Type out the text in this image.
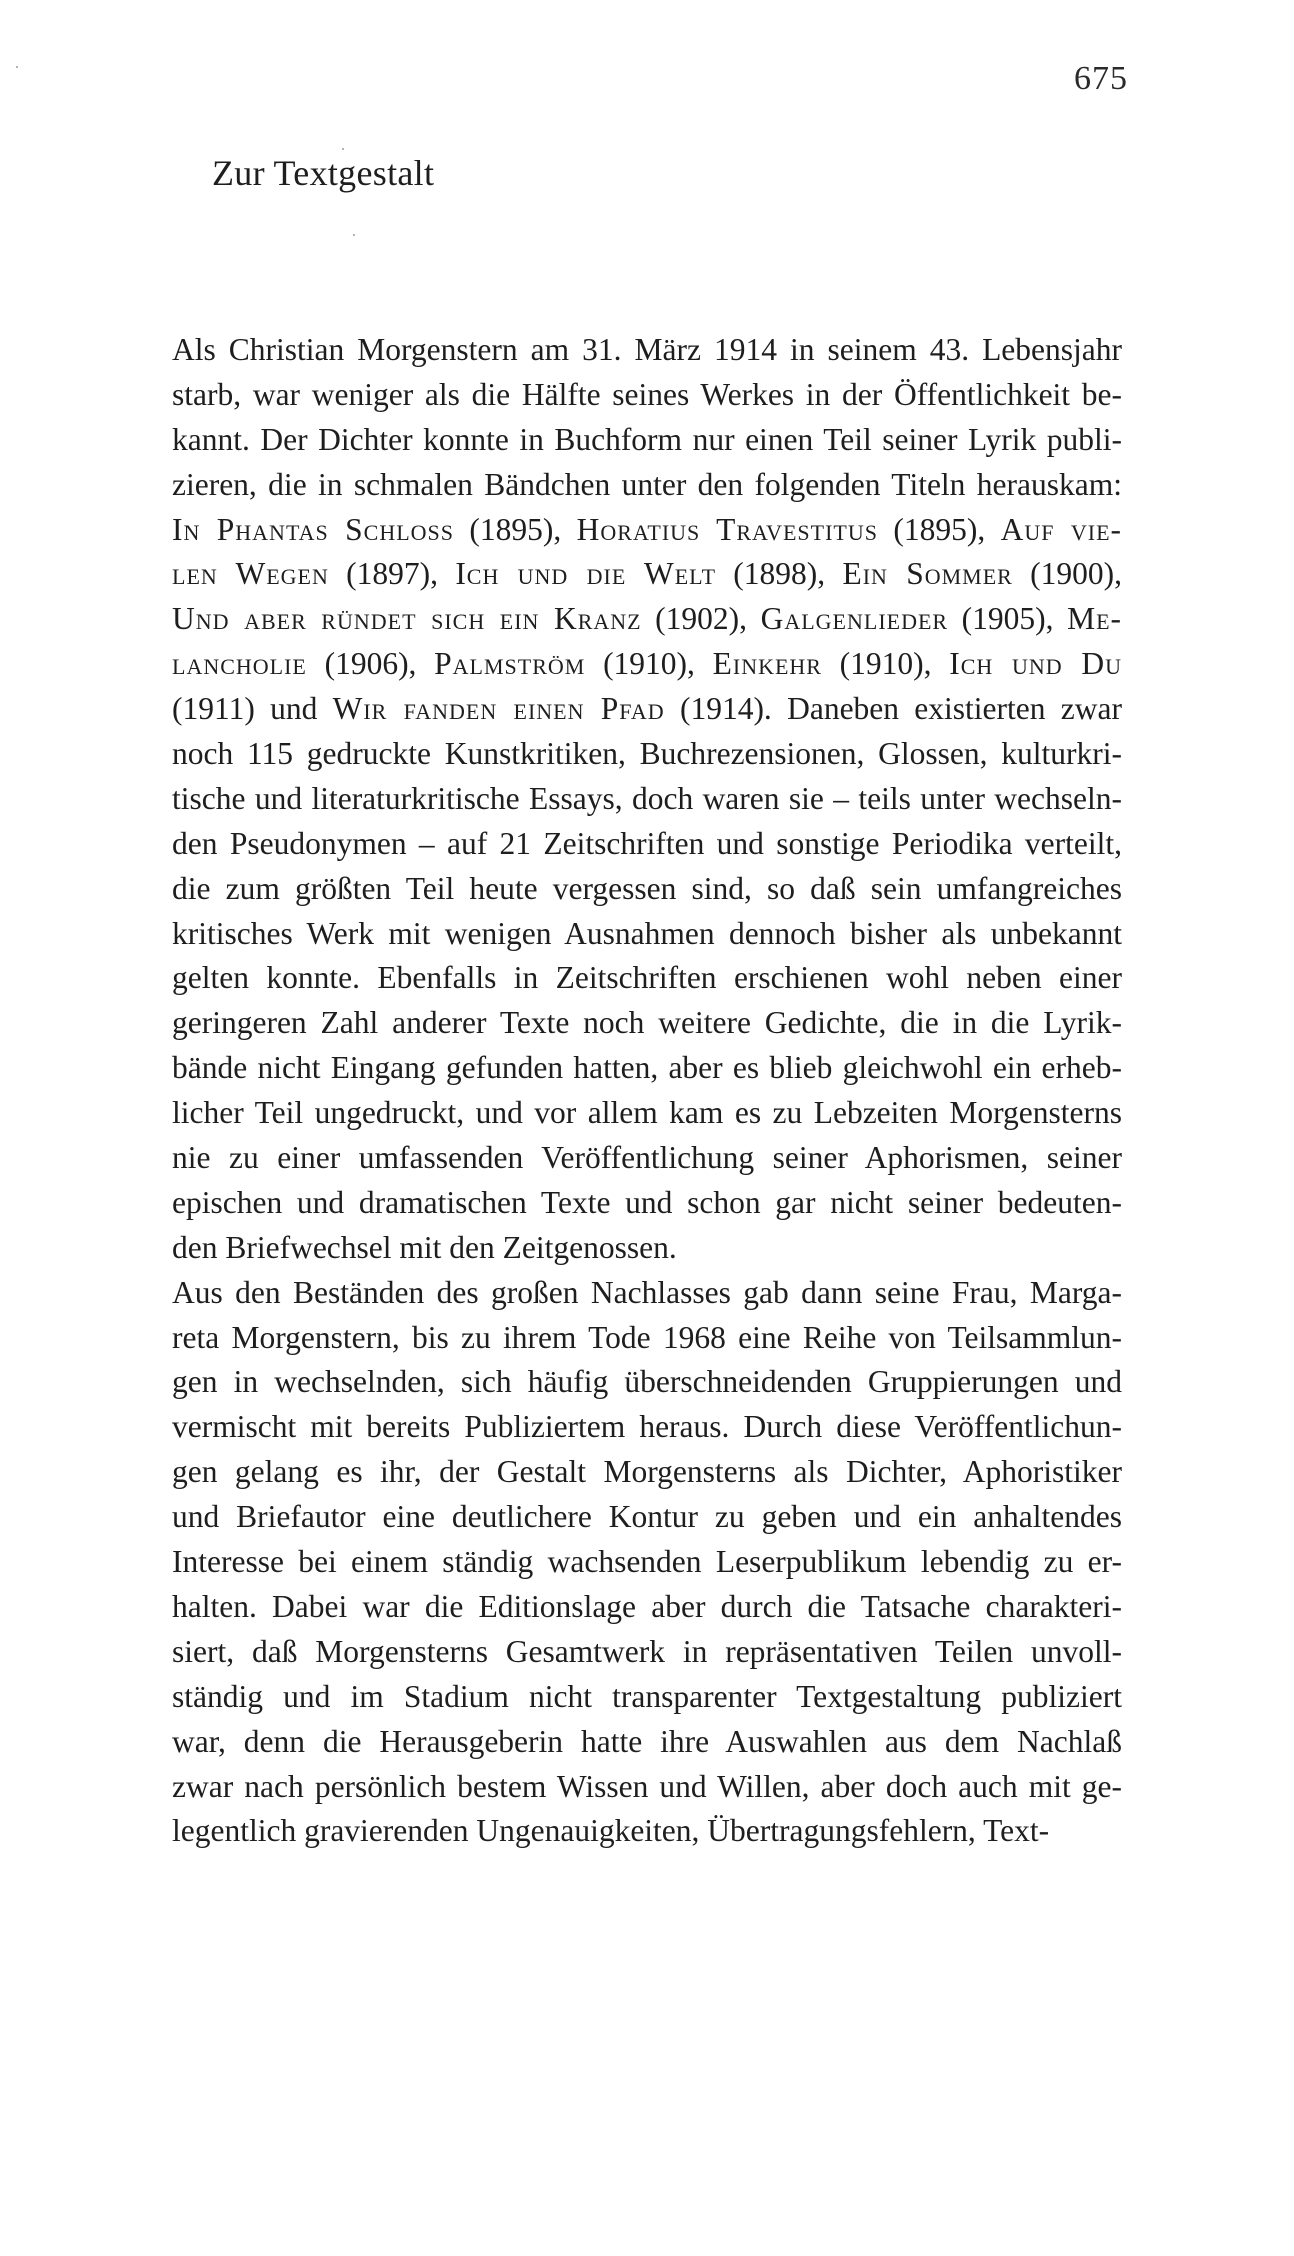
675
Zur Textgestalt
Als Christian Morgenstern am 31. März 1914 in seinem 43. Lebensjahr
starb, war weniger als die Hälfte seines Werkes in der Öffentlichkeit be-
kannt. Der Dichter konnte in Buchform nur einen Teil seiner Lyrik publi-
zieren, die in schmalen Bändchen unter den folgenden Titeln herauskam:
In Phantas Schloss (1895), Horatius Travestitus (1895), Auf vie-
len Wegen (1897), Ich und die Welt (1898), Ein Sommer (1900),
Und aber ründet sich ein Kranz (1902), Galgenlieder (1905), Me-
lancholie (1906), Palmström (1910), Einkehr (1910), Ich und Du
(1911) und Wir fanden einen Pfad (1914). Daneben existierten zwar
noch 115 gedruckte Kunstkritiken, Buchrezensionen, Glossen, kulturkri-
tische und literaturkritische Essays, doch waren sie – teils unter wechseln-
den Pseudonymen – auf 21 Zeitschriften und sonstige Periodika verteilt,
die zum größten Teil heute vergessen sind, so daß sein umfangreiches
kritisches Werk mit wenigen Ausnahmen dennoch bisher als unbekannt
gelten konnte. Ebenfalls in Zeitschriften erschienen wohl neben einer
geringeren Zahl anderer Texte noch weitere Gedichte, die in die Lyrik-
bände nicht Eingang gefunden hatten, aber es blieb gleichwohl ein erheb-
licher Teil ungedruckt, und vor allem kam es zu Lebzeiten Morgensterns
nie zu einer umfassenden Veröffentlichung seiner Aphorismen, seiner
epischen und dramatischen Texte und schon gar nicht seiner bedeuten-
den Briefwechsel mit den Zeitgenossen.
Aus den Beständen des großen Nachlasses gab dann seine Frau, Marga-
reta Morgenstern, bis zu ihrem Tode 1968 eine Reihe von Teilsammlun-
gen in wechselnden, sich häufig überschneidenden Gruppierungen und
vermischt mit bereits Publiziertem heraus. Durch diese Veröffentlichun-
gen gelang es ihr, der Gestalt Morgensterns als Dichter, Aphoristiker
und Briefautor eine deutlichere Kontur zu geben und ein anhaltendes
Interesse bei einem ständig wachsenden Leserpublikum lebendig zu er-
halten. Dabei war die Editionslage aber durch die Tatsache charakteri-
siert, daß Morgensterns Gesamtwerk in repräsentativen Teilen unvoll-
ständig und im Stadium nicht transparenter Textgestaltung publiziert
war, denn die Herausgeberin hatte ihre Auswahlen aus dem Nachlaß
zwar nach persönlich bestem Wissen und Willen, aber doch auch mit ge-
legentlich gravierenden Ungenauigkeiten, Übertragungsfehlern, Text-
